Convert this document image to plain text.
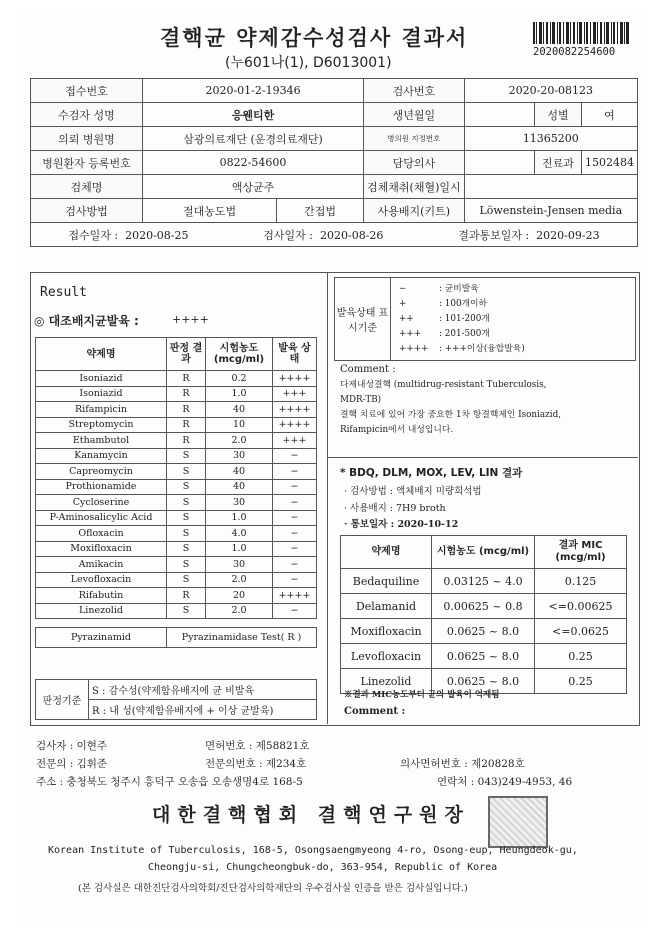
결핵균 약제감수성검사 결과서
(누601나(1), D6013001)
2020082254600
접수번호	2020-01-2-19346		검사번호	2020-20-08123		
수검자 성명	응웬티한		생년월일		성별	여
의뢰 병원명	삼광의료재단 (운경의료재단)		병의원 지정번호	11365200		
병원환자 등록번호	0822-54600		담당의사		진료과	1502484
검체명	액상균주		검체채취(채혈)일시			
검사방법	절대농도법	간접법	사용배지(키트)	Löwenstein-Jensen media		

접수일자 : 2020-08-25 검사일자 : 2020-08-26 결과통보일자 : 2020-09-23						
Result
◎ 대조배지균발육 :	++++
약제명	판정 결과	시험농도 (mcg/ml)	발육 상태
Isoniazid	R	0.2	++++
Isoniazid	R	1.0	+++
Rifampicin	R	40	++++
Streptomycin	R	10	++++
Ethambutol	R	2.0	+++
Kanamycin	S	30	−
Capreomycin	S	40	−
Prothionamide	S	40	−
Cycloserine	S	30	−
P-Aminosalicylic Acid	S	1.0	−
Ofloxacin	S	4.0	−
Moxifloxacin	S	1.0	−
Amikacin	S	30	−
Levofloxacin	S	2.0	−
Rifabutin	R	20	++++
Linezolid	S	2.0	−
Pyrazinamid	Pyrazinamidase Test( R )
판정기준	S : 감수성(약제함유배지에 균 비발육
R : 내 성(약제함유배지에 + 이상 균발육)
발육상태 표시기준
−	: 균비발육
+	: 100개이하
++	: 101-200개
+++ : 201-500개
++++ : +++이상(융합발육)
Comment :
다제내성결핵 (multidrug-resistant Tuberculosis,
MDR-TB)
결핵 치료에 있어 가장 중요한 1차 항결핵제인 Isoniazid,
Rifampicin에서 내성입니다.
* BDQ, DLM, MOX, LEV, LIN 결과
· 검사방법 : 액체배지 미량희석법
· 사용배지 : 7H9 broth
· 통보일자 : 2020-10-12
약제명	시험농도 (mcg/ml)	결과 MIC (mcg/ml)
Bedaquiline	0.03125 ~ 4.0	0.125
Delamanid	0.00625 ~ 0.8	<=0.00625
Moxifloxacin	0.0625 ~ 8.0	<=0.0625
Levofloxacin	0.0625 ~ 8.0	0.25
Linezolid	0.0625 ~ 8.0	0.25
※결과 MIC농도부터 균의 발육이 억제됨
Comment :
검사자 : 이현주	면허번호 : 제58821호
전문의 : 김휘준	전문의번호 : 제234호	의사면허번호 : 제20828호
주소 : 충청북도 청주시 흥덕구 오송읍 오송생명4로 168-5	연락처 : 043)249-4953, 46
대한결핵협회 결핵연구원장
Korean Institute of Tuberculosis, 168-5, Osongsaengmyeong 4-ro, Osong-eup, Heungdeok-gu,
Cheongju-si, Chungcheongbuk-do, 363-954, Republic of Korea
(본 검사실은 대한진단검사의학회/진단검사의학재단의 우수검사실 인증을 받은 검사실입니다.)
